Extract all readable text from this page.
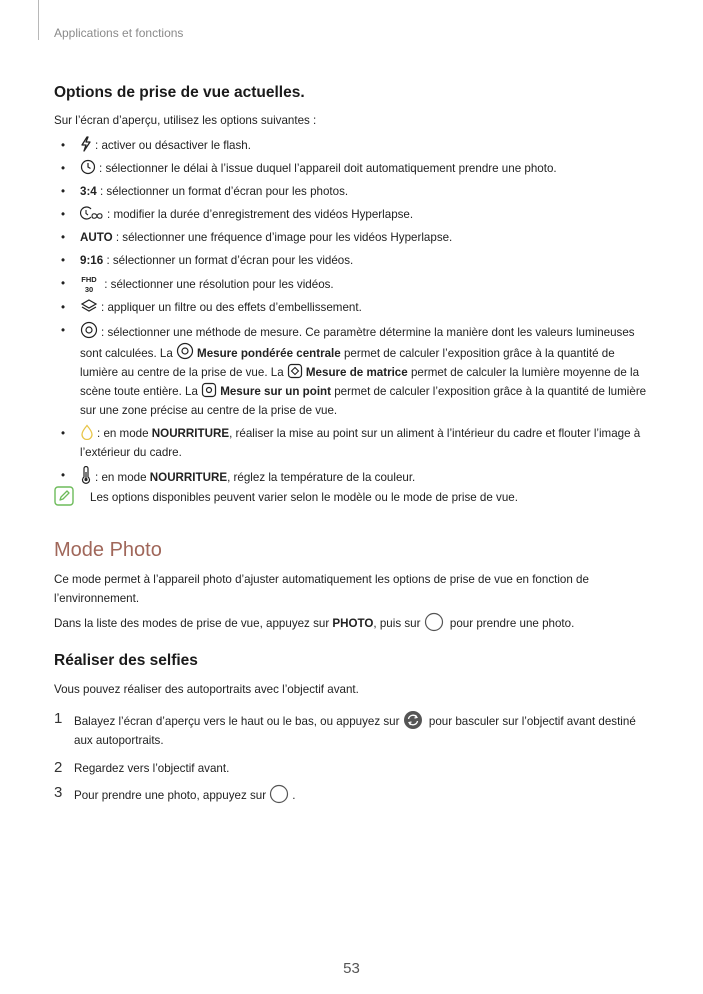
Applications et fonctions
Options de prise de vue actuelles.
Sur l’écran d’aperçu, utilisez les options suivantes :
• : activer ou désactiver le flash.
• : sélectionner le délai à l’issue duquel l’appareil doit automatiquement prendre une photo.
• 3:4 : sélectionner un format d’écran pour les photos.
• : modifier la durée d’enregistrement des vidéos Hyperlapse.
• AUTO : sélectionner une fréquence d’image pour les vidéos Hyperlapse.
• 9:16 : sélectionner un format d’écran pour les vidéos.
• FHD
30 : sélectionner une résolution pour les vidéos.
• : appliquer un filtre ou des effets d’embellissement.
• : sélectionner une méthode de mesure. Ce paramètre détermine la manière dont les valeurs lumineuses sont calculées. La
Mesure pondérée centrale permet de calculer l’exposition grâce à la quantité de lumière au centre de la prise de vue. La
Mesure de matrice permet de calculer la lumière moyenne de la scène toute entière. La
Mesure sur un point permet de calculer l’exposition grâce à la quantité de lumière sur une zone précise au centre de la prise de vue.
• : en mode NOURRITURE, réaliser la mise au point sur un aliment à l’intérieur du cadre et flouter l’image à l’extérieur du cadre.
• : en mode NOURRITURE, réglez la température de la couleur.
Les options disponibles peuvent varier selon le modèle ou le mode de prise de vue.
Mode Photo
Ce mode permet à l’appareil photo d’ajuster automatiquement les options de prise de vue en fonction de l’environnement.
Dans la liste des modes de prise de vue, appuyez sur PHOTO, puis sur
pour prendre une photo.
Réaliser des selfies
Vous pouvez réaliser des autoportraits avec l’objectif avant.
1 Balayez l’écran d’aperçu vers le haut ou le bas, ou appuyez sur
pour basculer sur l’objectif avant destiné aux autoportraits.
2 Regardez vers l’objectif avant.
3 Pour prendre une photo, appuyez sur
.
53
